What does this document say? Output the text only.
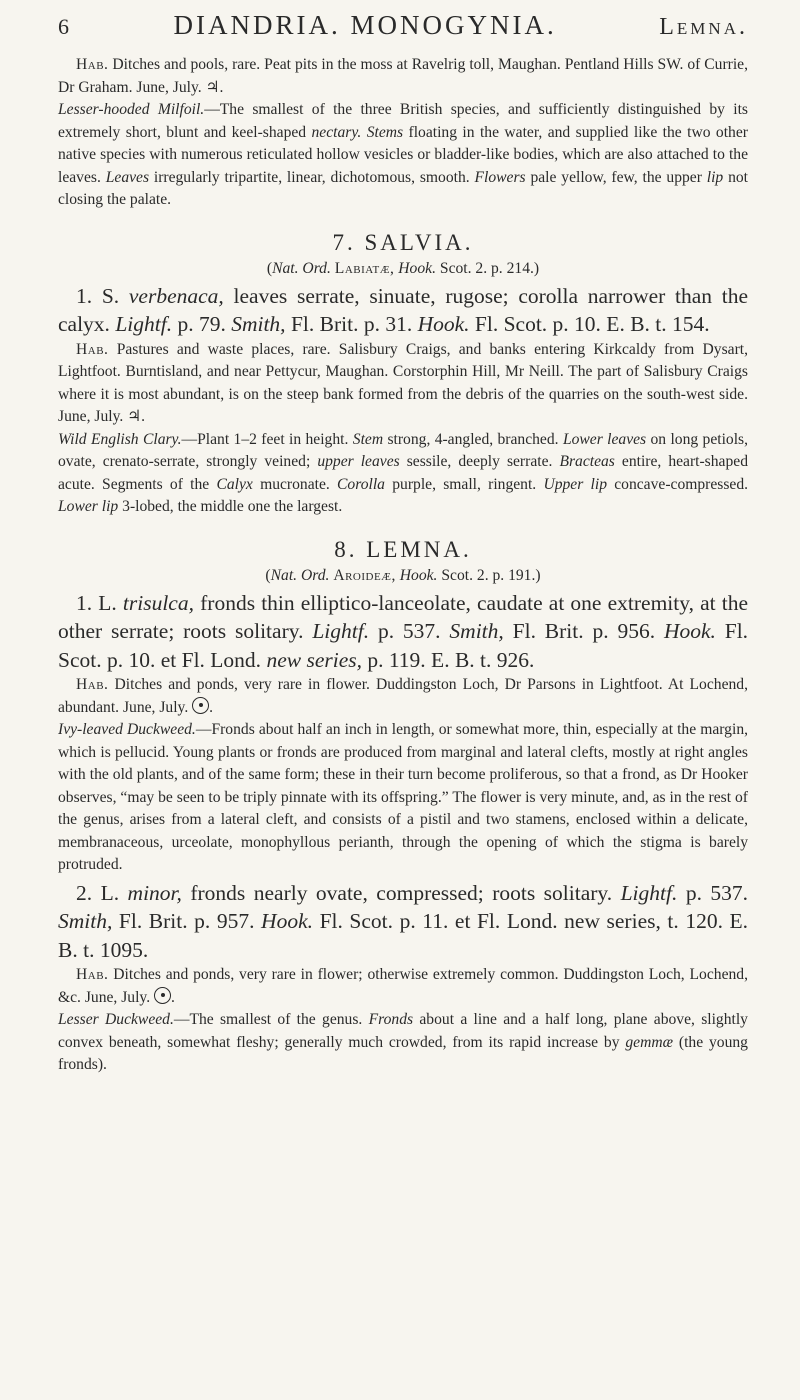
6	DIANDRIA. MONOGYNIA.	Lemna.

Hab. Ditches and pools, rare. Peat pits in the moss at Ravelrig toll, Maughan. Pentland Hills SW. of Currie, Dr Graham. June, July. ♃.

Lesser-hooded Milfoil.—The smallest of the three British species, and sufficiently distinguished by its extremely short, blunt and keel-shaped nectary. Stems floating in the water, and supplied like the two other native species with numerous reticulated hollow vesicles or bladder-like bodies, which are also attached to the leaves. Leaves irregularly tripartite, linear, dichotomous, smooth. Flowers pale yellow, few, the upper lip not closing the palate.

7. SALVIA.

(Nat. Ord. Labiatæ, Hook. Scot. 2. p. 214.)

1. S. verbenaca, leaves serrate, sinuate, rugose; corolla narrower than the calyx. Lightf. p. 79. Smith, Fl. Brit. p. 31. Hook. Fl. Scot. p. 10. E. B. t. 154.

Hab. Pastures and waste places, rare. Salisbury Craigs, and banks entering Kirkcaldy from Dysart, Lightfoot. Burntisland, and near Pettycur, Maughan. Corstorphin Hill, Mr Neill. The part of Salisbury Craigs where it is most abundant, is on the steep bank formed from the debris of the quarries on the south-west side. June, July. ♃.

Wild English Clary.—Plant 1–2 feet in height. Stem strong, 4-angled, branched. Lower leaves on long petiols, ovate, crenato-serrate, strongly veined; upper leaves sessile, deeply serrate. Bracteas entire, heart-shaped acute. Segments of the Calyx mucronate. Corolla purple, small, ringent. Upper lip concave-compressed. Lower lip 3-lobed, the middle one the largest.

8. LEMNA.

(Nat. Ord. Aroideæ, Hook. Scot. 2. p. 191.)

1. L. trisulca, fronds thin elliptico-lanceolate, caudate at one extremity, at the other serrate; roots solitary. Lightf. p. 537. Smith, Fl. Brit. p. 956. Hook. Fl. Scot. p. 10. et Fl. Lond. new series, p. 119. E. B. t. 926.

Hab. Ditches and ponds, very rare in flower. Duddingston Loch, Dr Parsons in Lightfoot. At Lochend, abundant. June, July. .

Ivy-leaved Duckweed.—Fronds about half an inch in length, or somewhat more, thin, especially at the margin, which is pellucid. Young plants or fronds are produced from marginal and lateral clefts, mostly at right angles with the old plants, and of the same form; these in their turn become proliferous, so that a frond, as Dr Hooker observes, “may be seen to be triply pinnate with its offspring.” The flower is very minute, and, as in the rest of the genus, arises from a lateral cleft, and consists of a pistil and two stamens, enclosed within a delicate, membranaceous, urceolate, monophyllous perianth, through the opening of which the stigma is barely protruded.

2. L. minor, fronds nearly ovate, compressed; roots solitary. Lightf. p. 537. Smith, Fl. Brit. p. 957. Hook. Fl. Scot. p. 11. et Fl. Lond. new series, t. 120. E. B. t. 1095.

Hab. Ditches and ponds, very rare in flower; otherwise extremely common. Duddingston Loch, Lochend, &c. June, July. .

Lesser Duckweed.—The smallest of the genus. Fronds about a line and a half long, plane above, slightly convex beneath, somewhat fleshy; generally much crowded, from its rapid increase by gemmæ (the young fronds).
